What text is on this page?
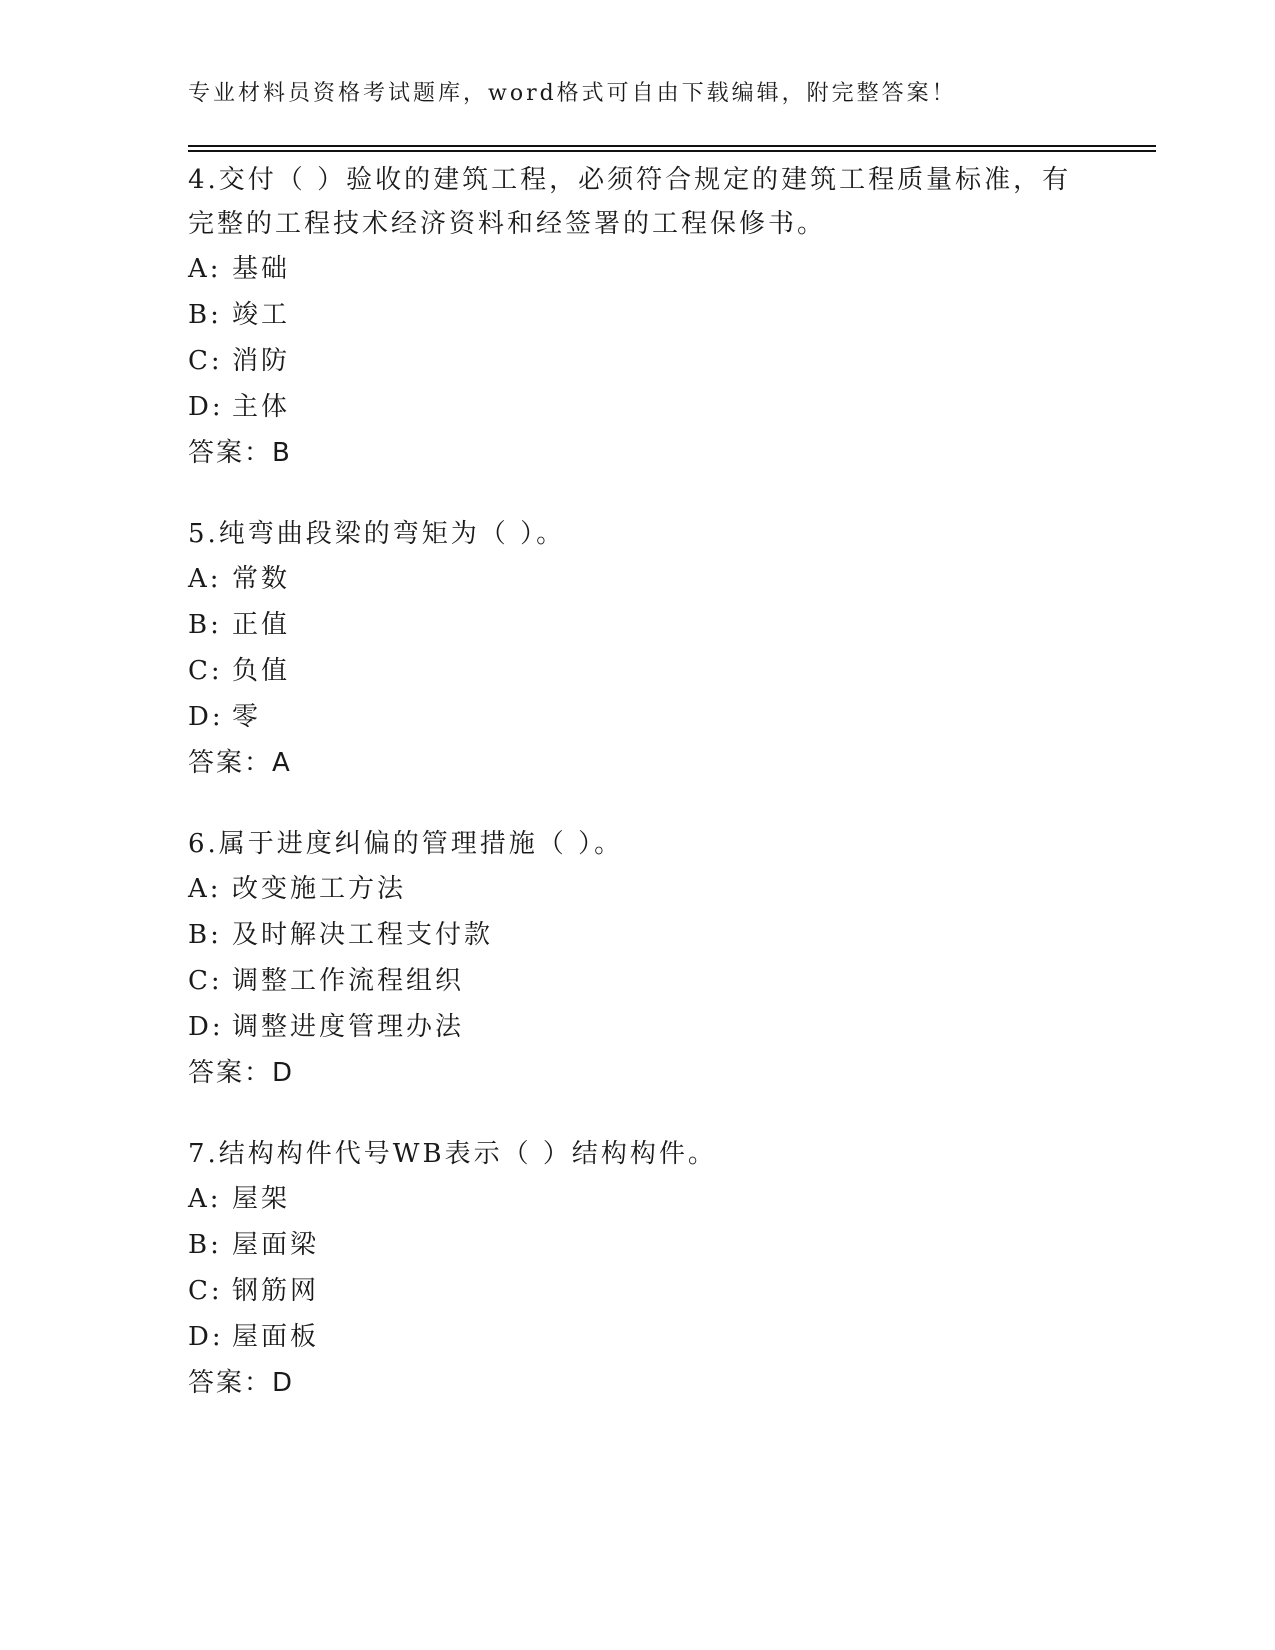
专业材料员资格考试题库，word格式可自由下载编辑，附完整答案！

4.交付（ ）验收的建筑工程，必须符合规定的建筑工程质量标准，有完整的工程技术经济资料和经签署的工程保修书。

A: 基础
B: 竣工
C: 消防
D: 主体
答案：B

5.纯弯曲段梁的弯矩为（ ）。

A: 常数
B: 正值
C: 负值
D: 零
答案：A

6.属于进度纠偏的管理措施（ ）。

A: 改变施工方法
B: 及时解决工程支付款
C: 调整工作流程组织
D: 调整进度管理办法
答案：D

7.结构构件代号WB表示（ ）结构构件。

A: 屋架
B: 屋面梁
C: 钢筋网
D: 屋面板
答案：D
